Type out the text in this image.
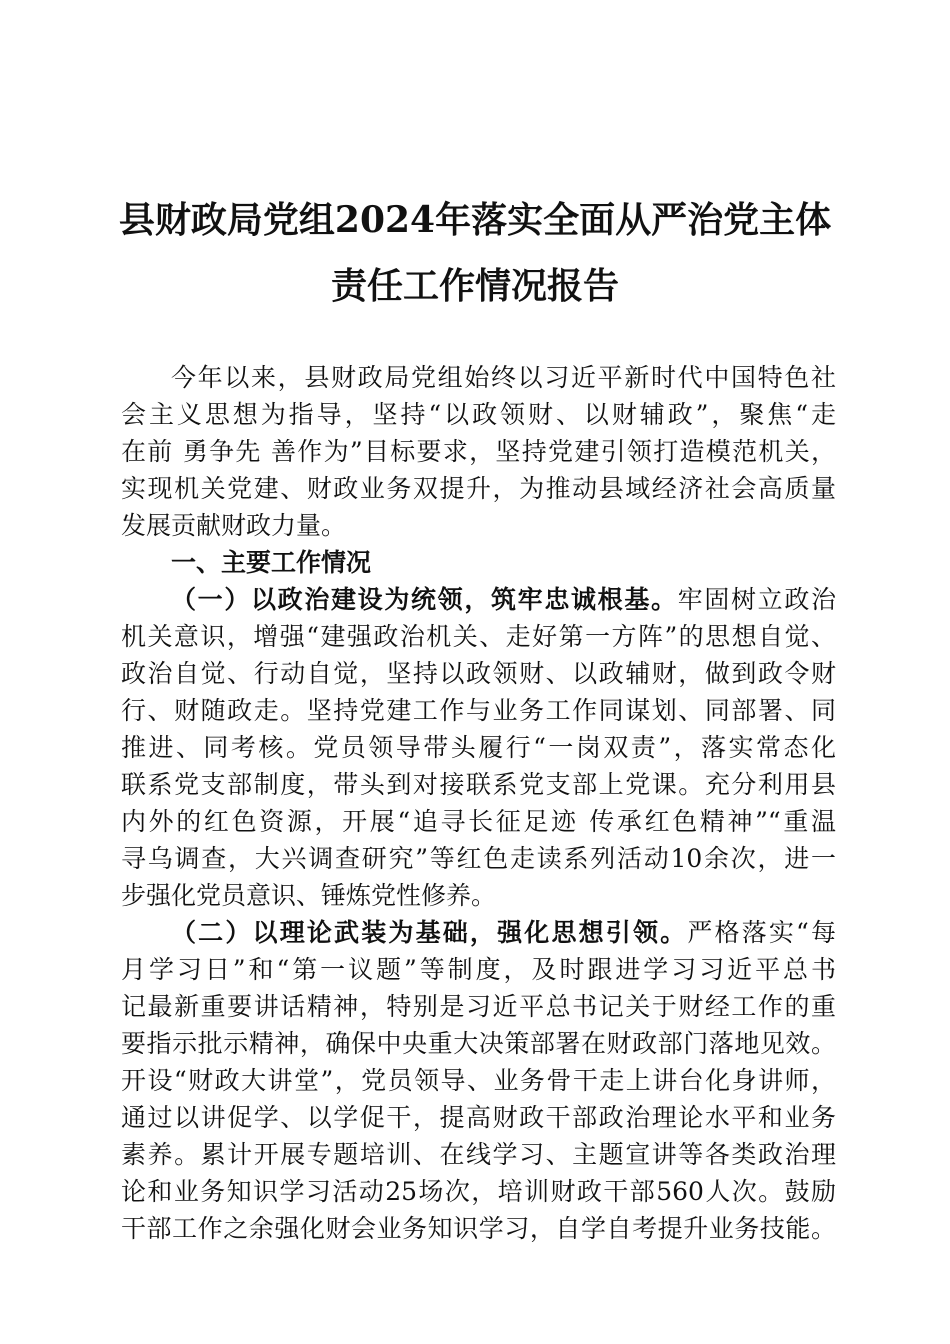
县财政局党组2024年落实全面从严治党主体
责任工作情况报告
今年以来，县财政局党组始终以习近平新时代中国特色社
会主义思想为指导，坚持“以政领财、以财辅政”，聚焦“走
在前 勇争先 善作为”目标要求，坚持党建引领打造模范机关，
实现机关党建、财政业务双提升，为推动县域经济社会高质量
发展贡献财政力量。
一、主要工作情况
（一）以政治建设为统领，筑牢忠诚根基。牢固树立政治
机关意识，增强“建强政治机关、走好第一方阵”的思想自觉、
政治自觉、行动自觉，坚持以政领财、以政辅财，做到政令财
行、财随政走。坚持党建工作与业务工作同谋划、同部署、同
推进、同考核。党员领导带头履行“一岗双责”，落实常态化
联系党支部制度，带头到对接联系党支部上党课。充分利用县
内外的红色资源，开展“追寻长征足迹 传承红色精神”“重温
寻乌调查，大兴调查研究”等红色走读系列活动10余次，进一
步强化党员意识、锤炼党性修养。
（二）以理论武装为基础，强化思想引领。严格落实“每
月学习日”和“第一议题”等制度，及时跟进学习习近平总书
记最新重要讲话精神，特别是习近平总书记关于财经工作的重
要指示批示精神，确保中央重大决策部署在财政部门落地见效。
开设“财政大讲堂”，党员领导、业务骨干走上讲台化身讲师，
通过以讲促学、以学促干，提高财政干部政治理论水平和业务
素养。累计开展专题培训、在线学习、主题宣讲等各类政治理
论和业务知识学习活动25场次，培训财政干部560人次。鼓励
干部工作之余强化财会业务知识学习，自学自考提升业务技能。
